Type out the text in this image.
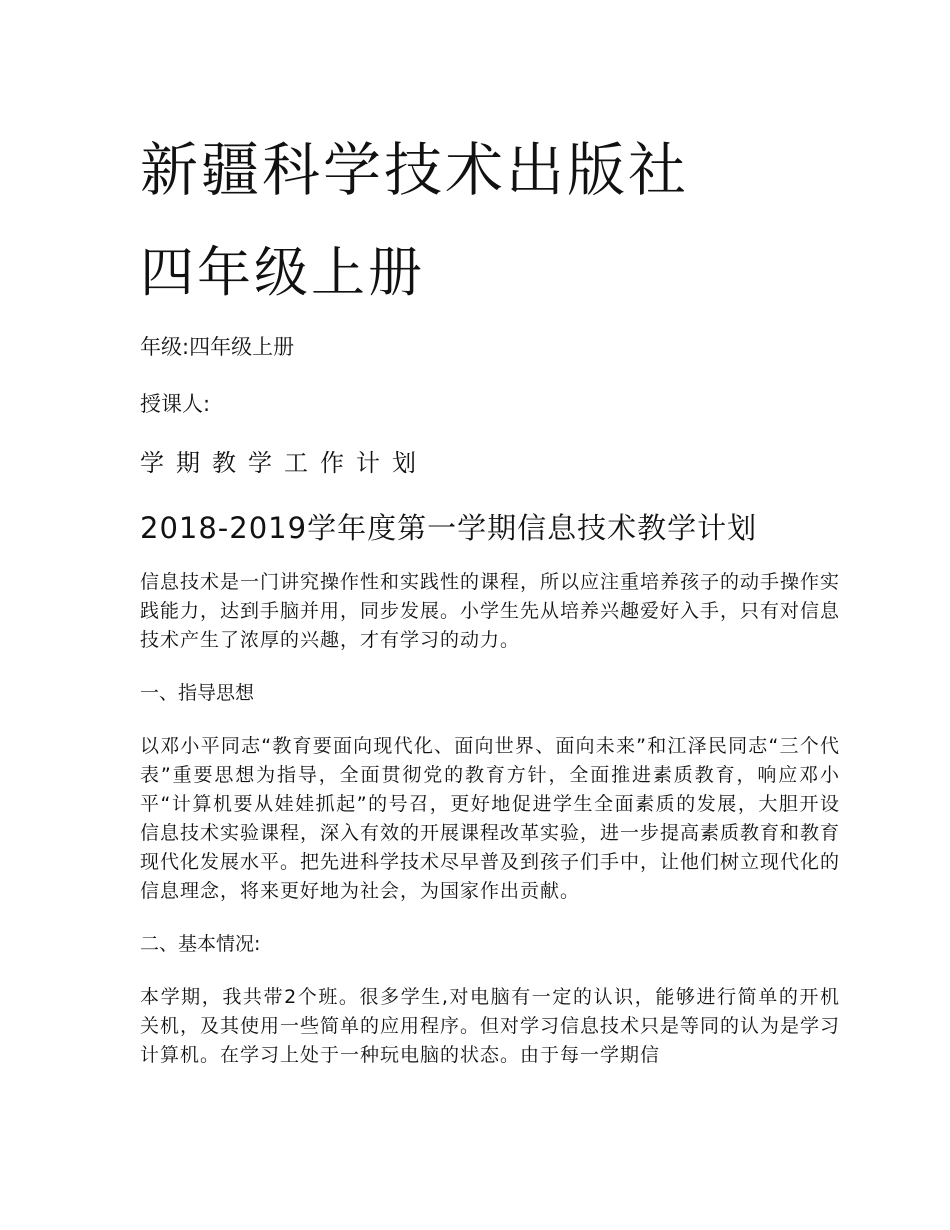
新疆科学技术出版社
四年级上册
年级:四年级上册
授课人:
学期教学工作计划
2018-2019学年度第一学期信息技术教学计划

信息技术是一门讲究操作性和实践性的课程，所以应注重培养孩子的动手操作实践能力，达到手脑并用，同步发展。小学生先从培养兴趣爱好入手，只有对信息技术产生了浓厚的兴趣，才有学习的动力。

一、指导思想

以邓小平同志“教育要面向现代化、面向世界、面向未来”和江泽民同志“三个代表”重要思想为指导，全面贯彻党的教育方针，全面推进素质教育，响应邓小平“计算机要从娃娃抓起”的号召，更好地促进学生全面素质的发展，大胆开设信息技术实验课程，深入有效的开展课程改革实验，进一步提高素质教育和教育现代化发展水平。把先进科学技术尽早普及到孩子们手中，让他们树立现代化的信息理念，将来更好地为社会，为国家作出贡献。

二、基本情况:

本学期，我共带2个班。很多学生,对电脑有一定的认识，能够进行简单的开机关机，及其使用一些简单的应用程序。但对学习信息技术只是等同的认为是学习计算机。在学习上处于一种玩电脑的状态。由于每一学期信
